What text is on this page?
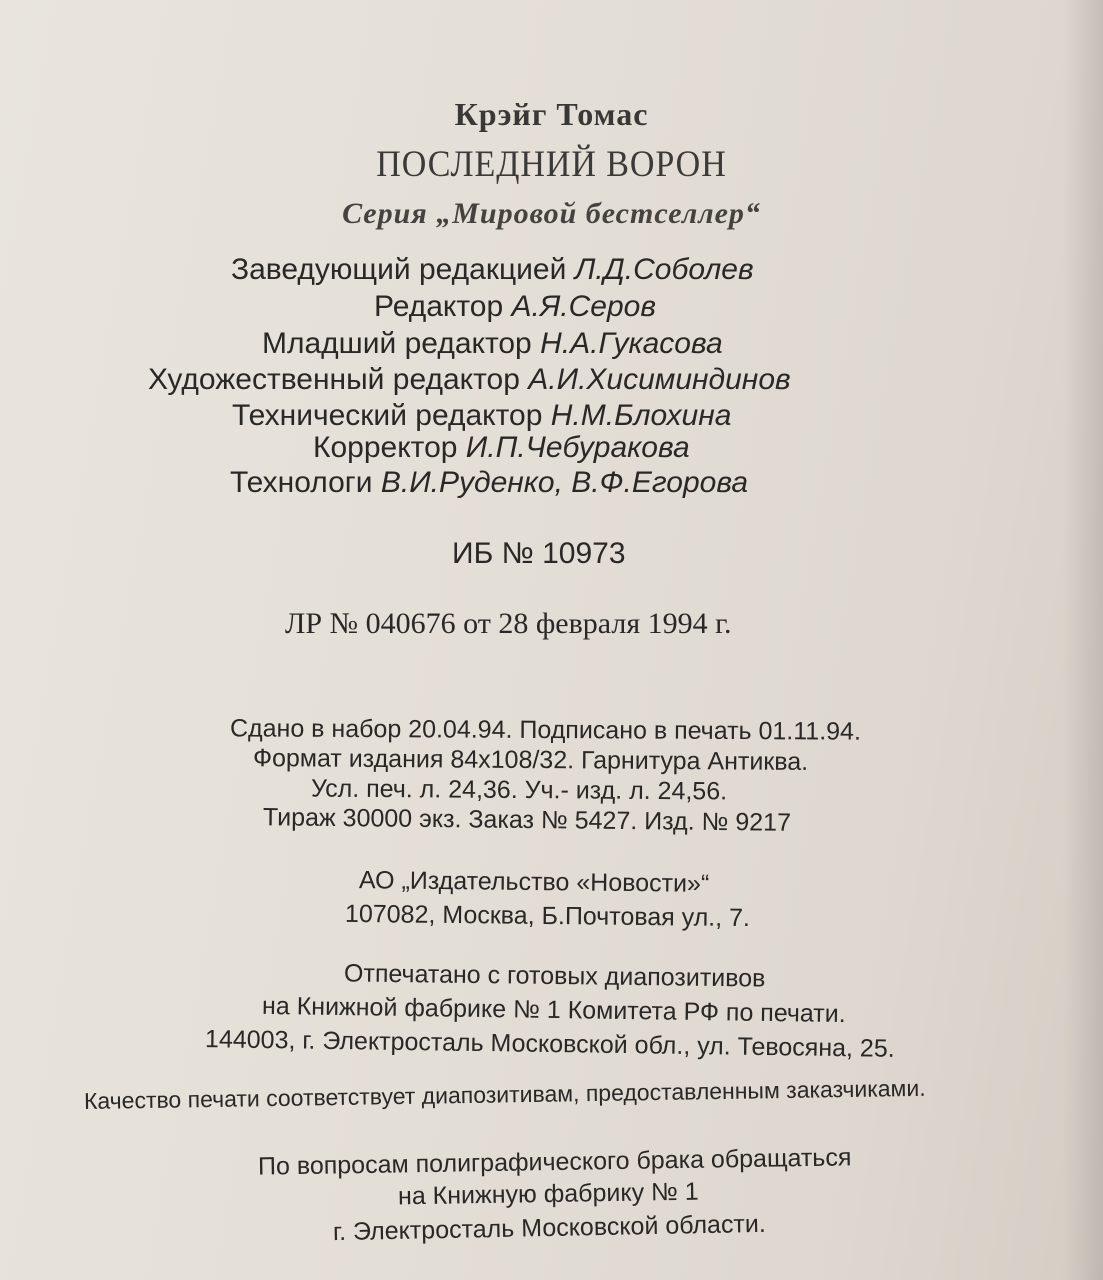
Крэйг Томас
ПОСЛЕДНИЙ ВОРОН
Серия „Мировой бестселлер“
Заведующий редакцией Л.Д.Соболев
Редактор А.Я.Серов
Младший редактор Н.А.Гукасова
Художественный редактор А.И.Хисиминдинов
Технический редактор Н.М.Блохина
Корректор И.П.Чебуракова
Технологи В.И.Руденко, В.Ф.Егорова
ИБ № 10973
ЛР № 040676 от 28 февраля 1994 г.
Сдано в набор 20.04.94. Подписано в печать 01.11.94.
Формат издания 84х108/32. Гарнитура Антиква.
Усл. печ. л. 24,36. Уч.- изд. л. 24,56.
Тираж 30000 экз. Заказ № 5427. Изд. № 9217
АО „Издательство «Новости»“
107082, Москва, Б.Почтовая ул., 7.
Отпечатано с готовых диапозитивов
на Книжной фабрике № 1 Комитета РФ по печати.
144003, г. Электросталь Московской обл., ул. Тевосяна, 25.
Качество печати соответствует диапозитивам, предоставленным заказчиками.
По вопросам полиграфического брака обращаться
на Книжную фабрику № 1
г. Электросталь Московской области.
